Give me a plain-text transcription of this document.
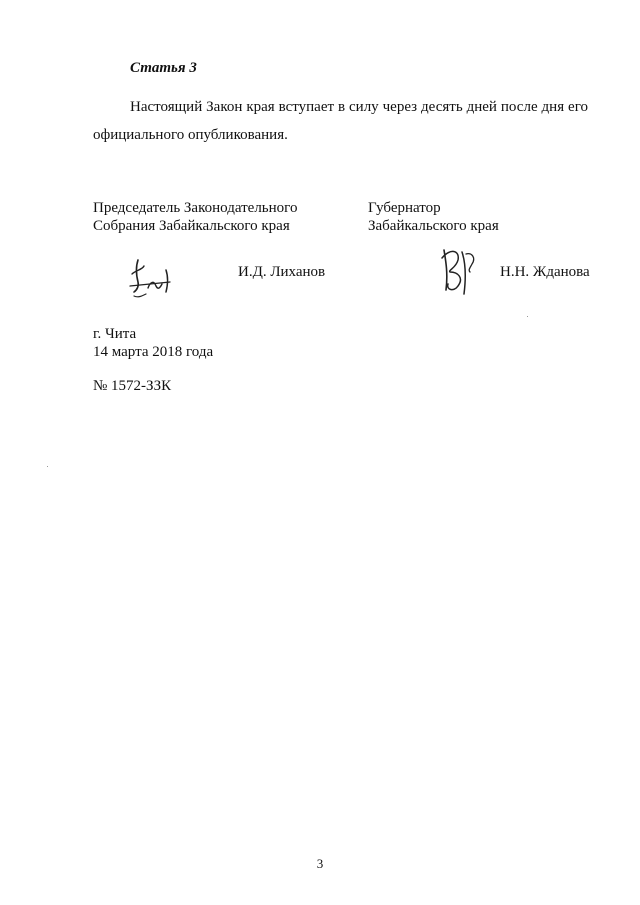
Статья 3
Настоящий Закон края вступает в силу через десять дней после дня его официального опубликования.
Председатель Законодательного
Собрания Забайкальского края
Губернатор
Забайкальского края
И.Д. Лиханов	Н.Н. Жданова
г. Чита
14 марта 2018 года
№ 1572-ЗЗК
3
